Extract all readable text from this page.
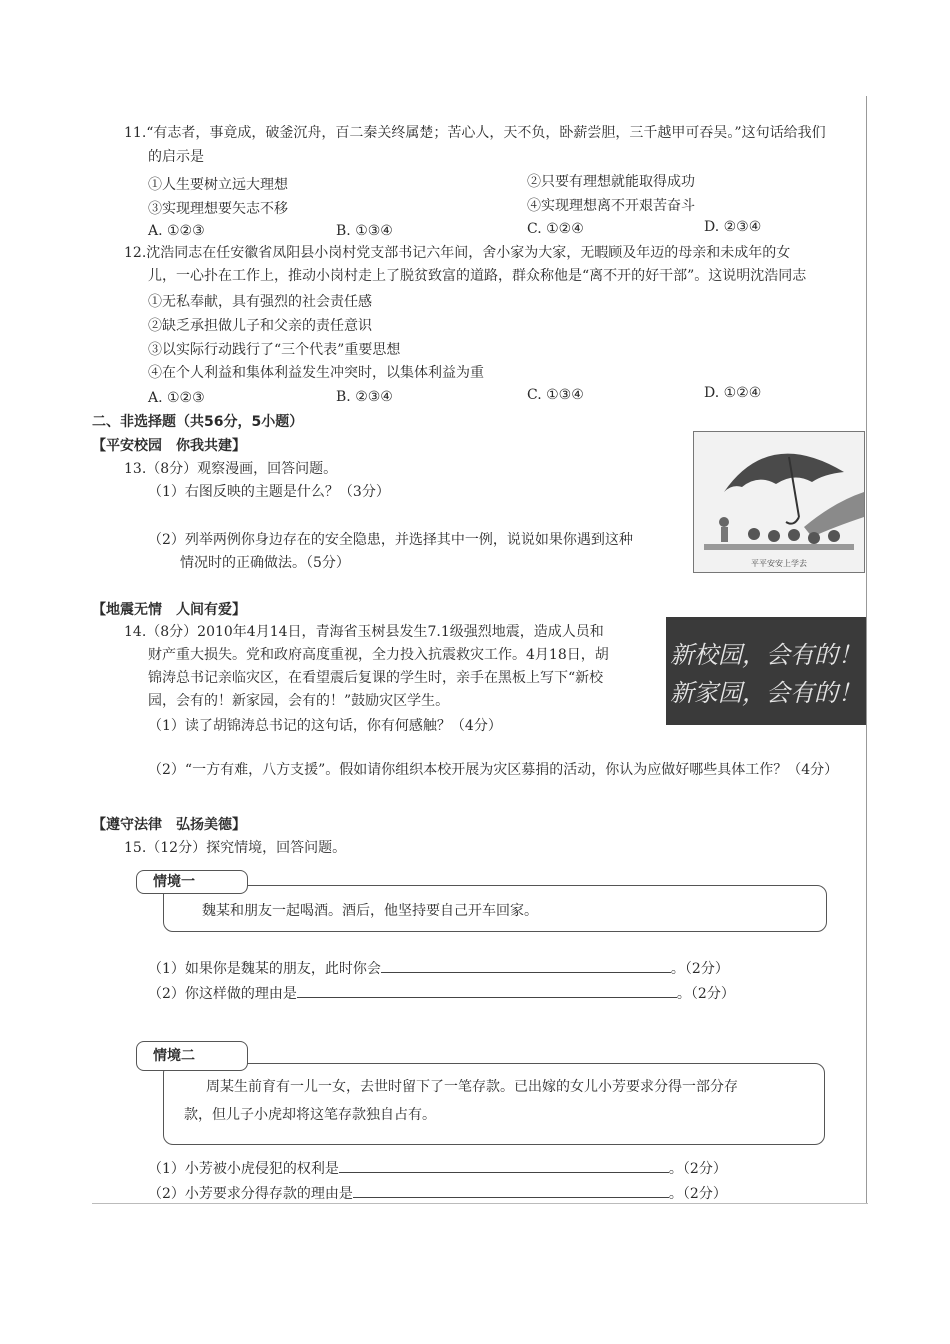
11.“有志者，事竟成，破釜沉舟，百二秦关终属楚；苦心人，天不负，卧薪尝胆，三千越甲可吞吴。”这句话给我们
的启示是
①人生要树立远大理想	②只要有理想就能取得成功
③实现理想要矢志不移	④实现理想离不开艰苦奋斗
A. ①②③	B. ①③④	C. ①②④	D. ②③④
12.沈浩同志在任安徽省凤阳县小岗村党支部书记六年间，舍小家为大家，无暇顾及年迈的母亲和未成年的女
儿，一心扑在工作上，推动小岗村走上了脱贫致富的道路，群众称他是“离不开的好干部”。这说明沈浩同志
①无私奉献，具有强烈的社会责任感
②缺乏承担做儿子和父亲的责任意识
③以实际行动践行了“三个代表”重要思想
④在个人利益和集体利益发生冲突时，以集体利益为重
A. ①②③	B. ②③④	C. ①③④	D. ①②④
二、非选择题（共56分，5小题）
【平安校园　你我共建】
13.（8分）观察漫画，回答问题。
（1）右图反映的主题是什么？（3分）
（2）列举两例你身边存在的安全隐患，并选择其中一例，说说如果你遇到这种
情况时的正确做法。（5分）	平平安安上学去
【地震无情　人间有爱】
14.（8分）2010年4月14日，青海省玉树县发生7.1级强烈地震，造成人员和
财产重大损失。党和政府高度重视，全力投入抗震救灾工作。4月18日，胡
锦涛总书记亲临灾区，在看望震后复课的学生时，亲手在黑板上写下“新校
园，会有的！新家园，会有的！”鼓励灾区学生。
（1）读了胡锦涛总书记的这句话，你有何感触？（4分）
（2）“一方有难，八方支援”。假如请你组织本校开展为灾区募捐的活动，你认为应做好哪些具体工作？（4分）
新校园，会有的！
新家园，会有的！
【遵守法律　弘扬美德】
15.（12分）探究情境，回答问题。
魏某和朋友一起喝酒。酒后，他坚持要自己开车回家。
情境一
（1）如果你是魏某的朋友，此时你会	。（2分）
（2）你这样做的理由是	。（2分）
周某生前育有一儿一女，去世时留下了一笔存款。已出嫁的女儿小芳要求分得一部分存
款，但儿子小虎却将这笔存款独自占有。
情境二
（1）小芳被小虎侵犯的权利是	。（2分）
（2）小芳要求分得存款的理由是	。（2分）
